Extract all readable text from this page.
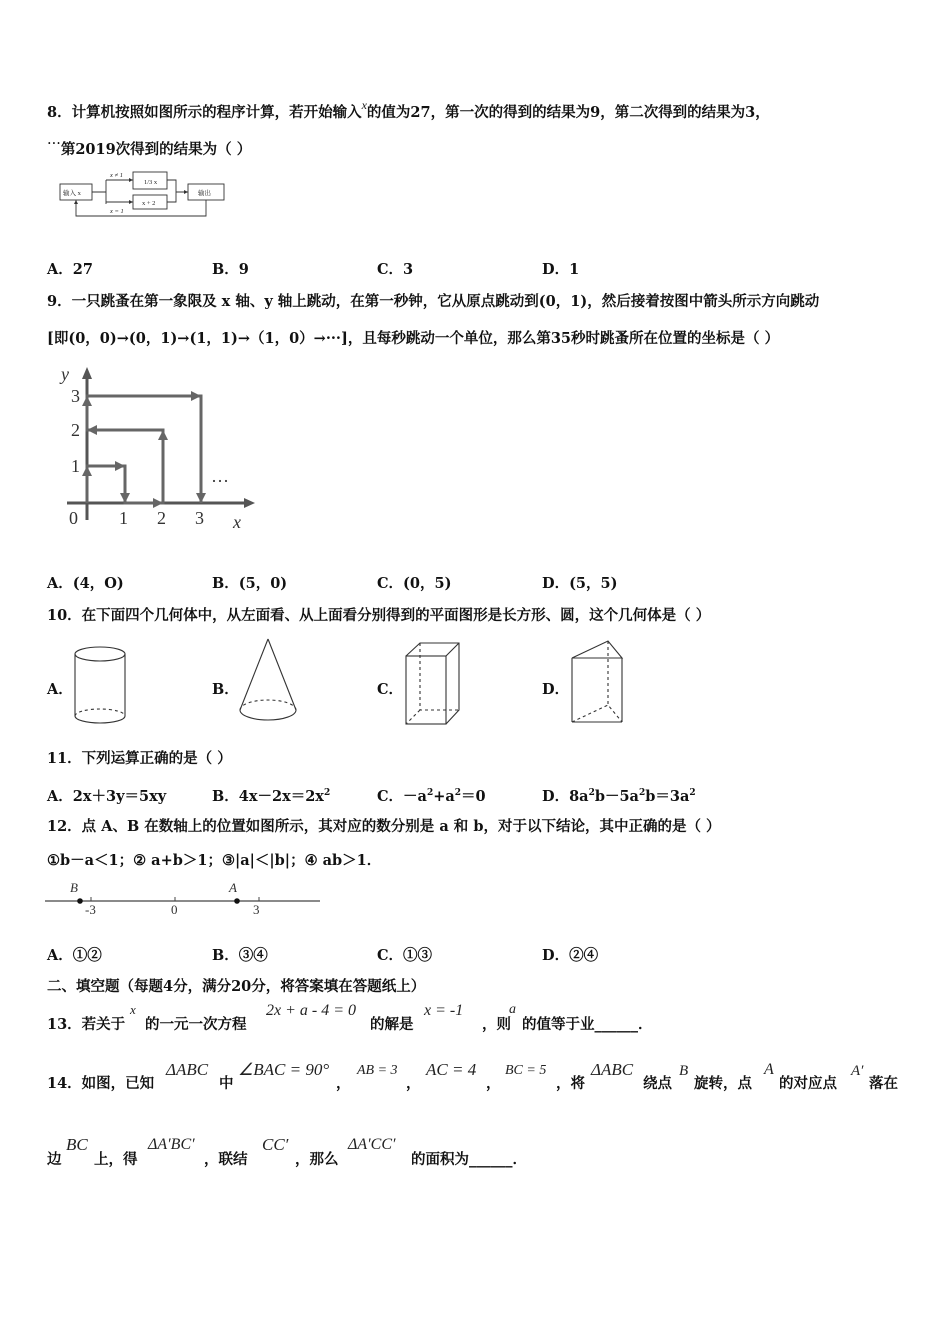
8．计算机按照如图所示的程序计算，若开始输入$^x$的值为27，第一次的得到的结果为9，第二次得到的结果为3，
···第2019次得到的结果为（ ）
输入 x
x ≠ 1
1/3 x
x + 2
x = 1
输出
A．27	B．9	C．3	D．1
9．一只跳蚤在第一象限及 x 轴、y 轴上跳动，在第一秒钟，它从原点跳动到(0，1)，然后接着按图中箭头所示方向跳动
[即(0，0)→(0，1)→(1，1)→（1，0）→···]，且每秒跳动一个单位，那么第35秒时跳蚤所在位置的坐标是（ ）
y
x
0 1 2 3
1
2
3
···
A．(4，O)	B．(5，0)	C．(0，5)	D．(5，5)
10．在下面四个几何体中，从左面看、从上面看分别得到的平面图形是长方形、圆，这个几何体是（ ）
A．	B．	C．	D．
11．下列运算正确的是（ ）
A．2x＋3y＝5xy	B．$4x-2x=2x^2$	C．$-a^2+a^2=0$	D．$8a^2b-5a^2b=3a^2$
12．点 A、B 在数轴上的位置如图所示，其对应的数分别是 a 和 b，对于以下结论，其中正确的是（ ）
①b－a＜1；② a+b＞1；③|a|＜|b|；④ ab＞1．
B	A
-3	0	3
A．①②	B．③④	C．①③	D．②④
二、填空题（每题4分，满分20分，将答案填在答题纸上）
13．若关于
x
的一元一次方程
2x + a - 4 = 0
的解是
x = -1
，则
a
的值等于业______．
14．如图，已知
ΔABC
中
∠BAC = 90°
，
AB = 3
，
AC = 4
，
BC = 5
，将
ΔABC
绕点
B
旋转，点
A
的对应点
A′
落在
边
BC
上，得
ΔA′BC′
，联结
CC′
，那么
ΔA′CC′
的面积为______．
